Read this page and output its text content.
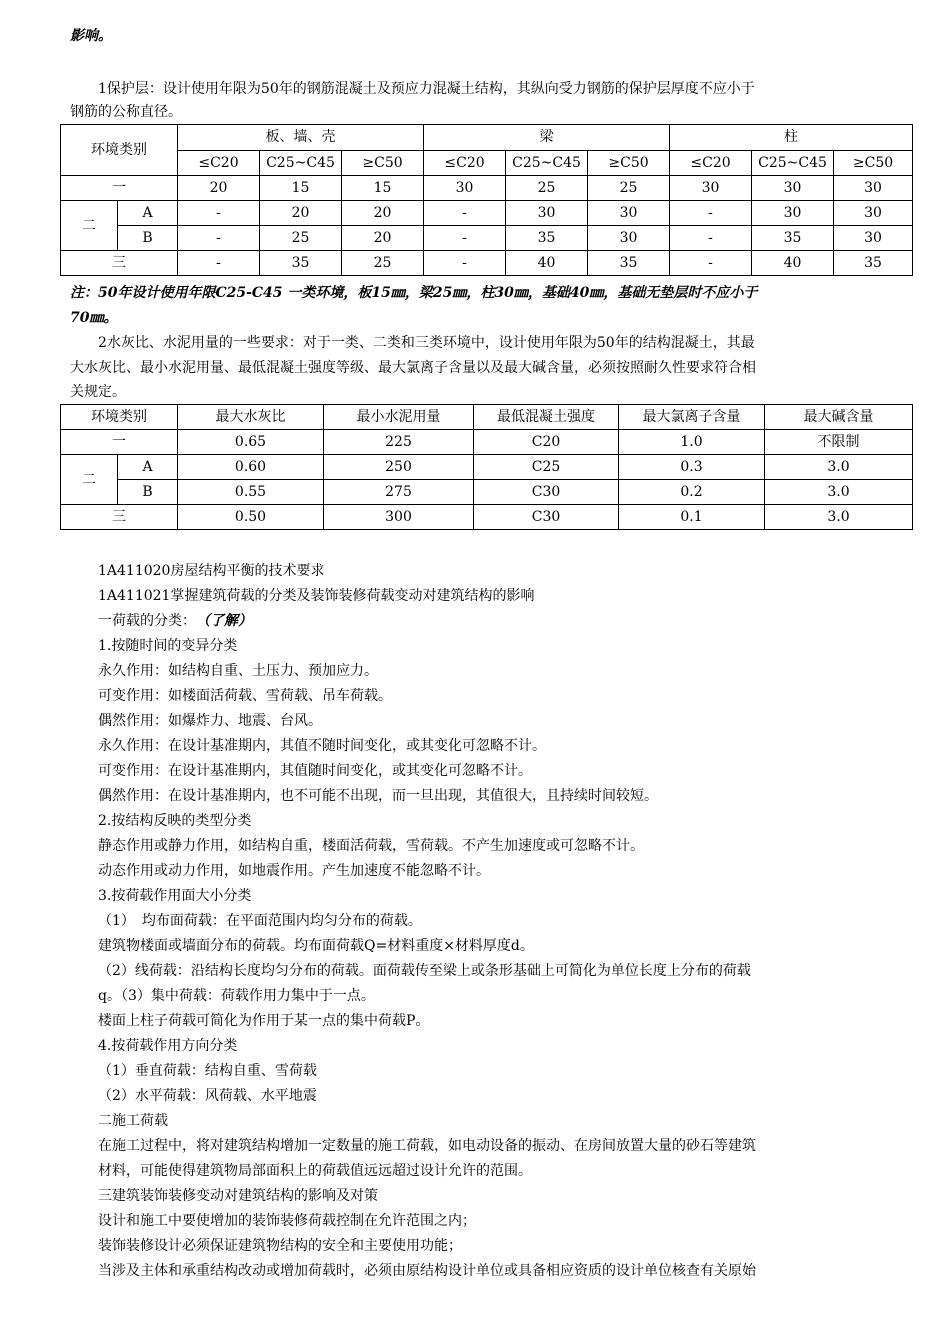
影响。
1保护层：设计使用年限为50年的钢筋混凝土及预应力混凝土结构，其纵向受力钢筋的保护层厚度不应小于
钢筋的公称直径。
环境类别		板、墙、壳			梁			柱		
		≤C20	C25~C45	≥C50	≤C20	C25~C45	≥C50	≤C20	C25~C45	≥C50
一		20	15	15	30	25	25	30	30	30
二	A	-	20	20	-	30	30	-	30	30
	B	-	25	20	-	35	30	-	35	30
三		-	35	25	-	40	35	-	40	35
注：50年设计使用年限C25-C45 一类环境，板15㎜，梁25㎜，柱30㎜，基础40㎜，基础无垫层时不应小于
70㎜。
2水灰比、水泥用量的一些要求：对于一类、二类和三类环境中，设计使用年限为50年的结构混凝土，其最
大水灰比、最小水泥用量、最低混凝土强度等级、最大氯离子含量以及最大碱含量，必须按照耐久性要求符合相
关规定。
环境类别		最大水灰比	最小水泥用量	最低混凝土强度	最大氯离子含量	最大碱含量
一		0.65	225	C20	1.0	不限制
二	A	0.60	250	C25	0.3	3.0
	B	0.55	275	C30	0.2	3.0
三		0.50	300	C30	0.1	3.0
1A411020房屋结构平衡的技术要求
1A411021掌握建筑荷载的分类及装饰装修荷载变动对建筑结构的影响
一荷载的分类：（了解）
1.按随时间的变异分类
永久作用：如结构自重、土压力、预加应力。
可变作用：如楼面活荷载、雪荷载、吊车荷载。
偶然作用：如爆炸力、地震、台风。
永久作用：在设计基准期内，其值不随时间变化，或其变化可忽略不计。
可变作用：在设计基准期内，其值随时间变化，或其变化可忽略不计。
偶然作用：在设计基准期内，也不可能不出现，而一旦出现，其值很大，且持续时间较短。
2.按结构反映的类型分类
静态作用或静力作用，如结构自重，楼面活荷载，雪荷载。不产生加速度或可忽略不计。
动态作用或动力作用，如地震作用。产生加速度不能忽略不计。
3.按荷载作用面大小分类
（1）　均布面荷载：在平面范围内均匀分布的荷载。
建筑物楼面或墙面分布的荷载。均布面荷载Q=材料重度×材料厚度d。
（2）线荷载：沿结构长度均匀分布的荷载。面荷载传至梁上或条形基础上可简化为单位长度上分布的荷载
q。（3）集中荷载：荷载作用力集中于一点。
楼面上柱子荷载可简化为作用于某一点的集中荷载P。
4.按荷载作用方向分类
（1）垂直荷载：结构自重、雪荷载
（2）水平荷载：风荷载、水平地震
二施工荷载
在施工过程中，将对建筑结构增加一定数量的施工荷载，如电动设备的振动、在房间放置大量的砂石等建筑
材料，可能使得建筑物局部面积上的荷载值远远超过设计允许的范围。
三建筑装饰装修变动对建筑结构的影响及对策
设计和施工中要使增加的装饰装修荷载控制在允许范围之内；
装饰装修设计必须保证建筑物结构的安全和主要使用功能；
当涉及主体和承重结构改动或增加荷载时，必须由原结构设计单位或具备相应资质的设计单位核查有关原始
